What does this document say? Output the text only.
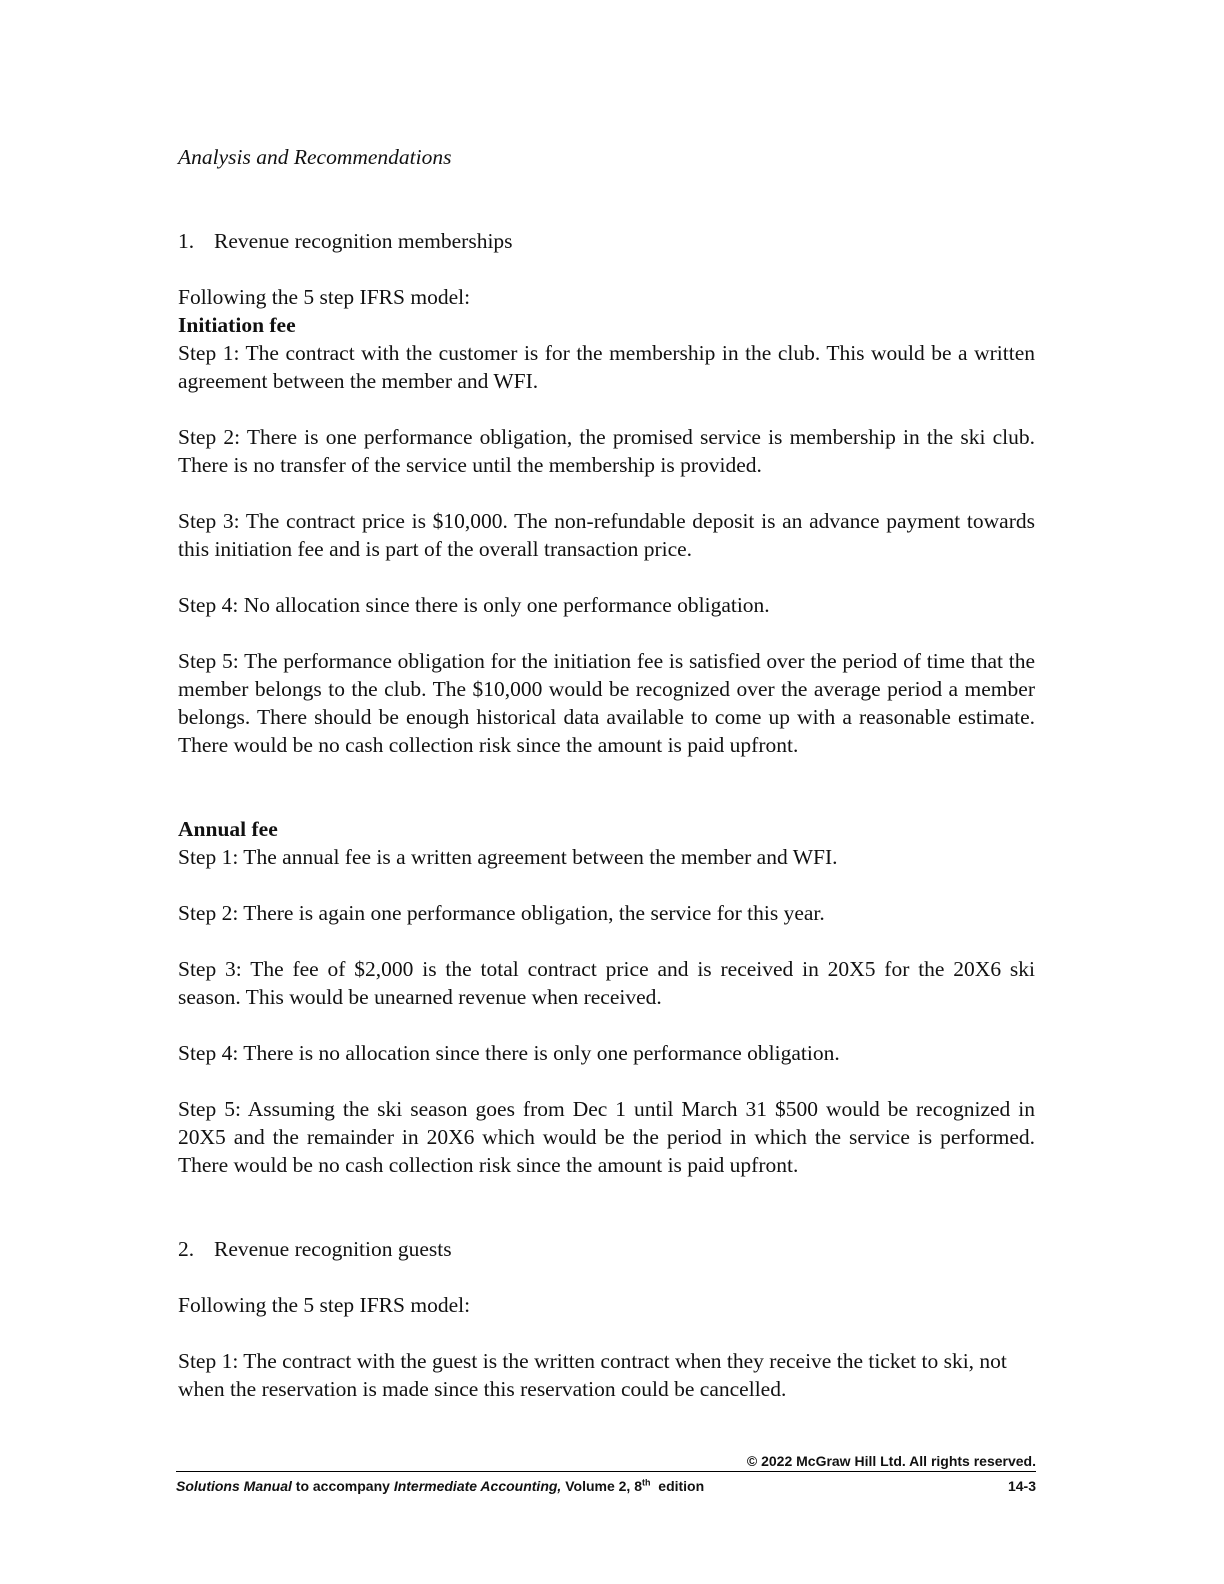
Analysis and Recommendations

1. Revenue recognition memberships

Following the 5 step IFRS model:

Initiation fee

Step 1: The contract with the customer is for the membership in the club. This would be a written agreement between the member and WFI.

Step 2: There is one performance obligation, the promised service is membership in the ski club. There is no transfer of the service until the membership is provided.

Step 3: The contract price is $10,000. The non-refundable deposit is an advance payment towards this initiation fee and is part of the overall transaction price.

Step 4: No allocation since there is only one performance obligation.

Step 5: The performance obligation for the initiation fee is satisfied over the period of time that the member belongs to the club. The $10,000 would be recognized over the average period a member belongs. There should be enough historical data available to come up with a reasonable estimate. There would be no cash collection risk since the amount is paid upfront.

Annual fee

Step 1: The annual fee is a written agreement between the member and WFI.

Step 2: There is again one performance obligation, the service for this year.

Step 3: The fee of $2,000 is the total contract price and is received in 20X5 for the 20X6 ski season. This would be unearned revenue when received.

Step 4: There is no allocation since there is only one performance obligation.

Step 5: Assuming the ski season goes from Dec 1 until March 31 $500 would be recognized in 20X5 and the remainder in 20X6 which would be the period in which the service is performed. There would be no cash collection risk since the amount is paid upfront.

2. Revenue recognition guests

Following the 5 step IFRS model:

Step 1: The contract with the guest is the written contract when they receive the ticket to ski, not when the reservation is made since this reservation could be cancelled.

© 2022 McGraw Hill Ltd. All rights reserved.
Solutions Manual to accompany Intermediate Accounting, Volume 2, 8th  edition	14-3
